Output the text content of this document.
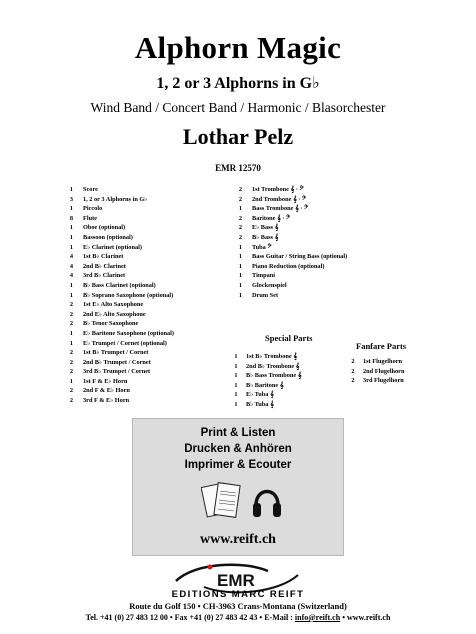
Alphorn Magic
1, 2 or 3 Alphorns in G♭
Wind Band / Concert Band / Harmonic / Blasorchester
Lothar Pelz
EMR 12570
1 Score
3 1, 2 or 3 Alphorns in G♭
1 Piccolo
8 Flute
1 Oboe (optional)
1 Bassoon (optional)
1 E♭ Clarinet (optional)
4 1st B♭ Clarinet
4 2nd B♭ Clarinet
4 3rd B♭ Clarinet
1 B♭ Bass Clarinet (optional)
1 B♭ Soprano Saxophone (optional)
2 1st E♭ Alto Saxophone
2 2nd E♭ Alto Saxophone
2 B♭ Tenor Saxophone
1 E♭ Baritone Saxophone (optional)
1 E♭ Trumpet / Cornet (optional)
2 1st B♭ Trumpet / Cornet
2 2nd B♭ Trumpet / Cornet
2 3rd B♭ Trumpet / Cornet
1 1st F & E♭ Horn
2 2nd F & E♭ Horn
2 3rd F & E♭ Horn
2 1st Trombone 𝄞 · 𝄢
2 2nd Trombone 𝄞 · 𝄢
1 Bass Trombone 𝄞 · 𝄢
2 Baritone 𝄞 · 𝄢
2 E♭ Bass 𝄞
2 B♭ Bass 𝄞
1 Tuba 𝄢
1 Bass Guitar / String Bass (optional)
1 Piano Reduction (optional)
1 Timpani
1 Glockenspiel
1 Drum Set
Special Parts
1 1st B♭ Trombone 𝄞
1 2nd B♭ Trombone 𝄞
1 B♭ Bass Trombone 𝄞
1 B♭ Baritone 𝄞
1 E♭ Tuba 𝄞
1 B♭ Tuba 𝄞
Fanfare Parts
2 1st Flugelhorn
2 2nd Flugelhorn
2 3rd Flugelhorn
Print & Listen
Drucken & Anhören
Imprimer & Ecouter
www.reift.ch
EMR
EDITIONS MARC REIFT
Route du Golf 150 • CH-3963 Crans-Montana (Switzerland)
Tel. +41 (0) 27 483 12 00 • Fax +41 (0) 27 483 42 43 • E-Mail : info@reift.ch • www.reift.ch
